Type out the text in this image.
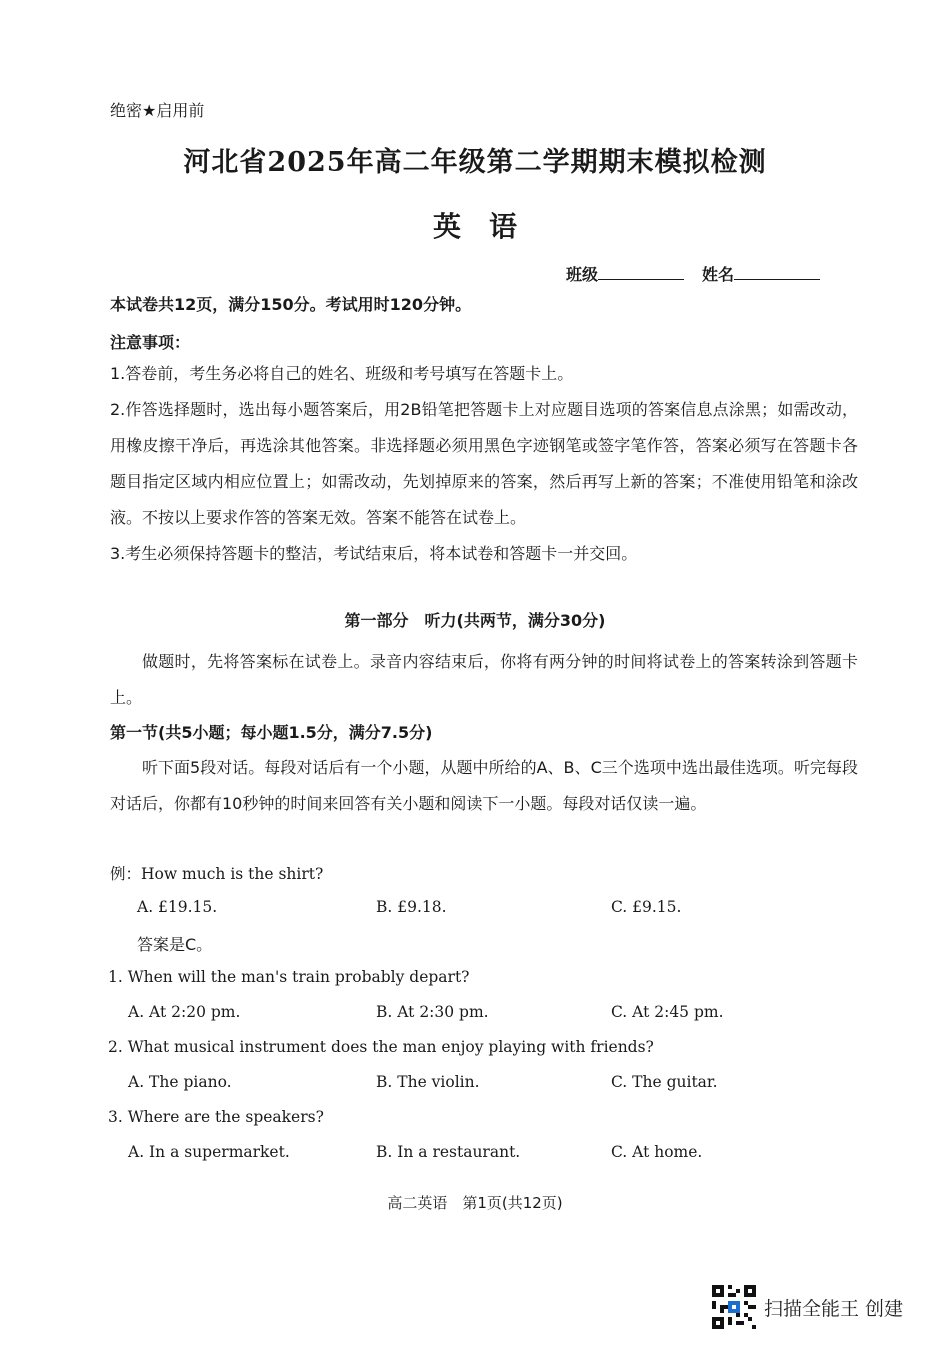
绝密★启用前
河北省2025年高二年级第二学期期末模拟检测
英 语
班级	姓名
本试卷共12页，满分150分。考试用时120分钟。
注意事项：
1.答卷前，考生务必将自己的姓名、班级和考号填写在答题卡上。
2.作答选择题时，选出每小题答案后，用2B铅笔把答题卡上对应题目选项的答案信息点涂黑；如需改动，用橡皮擦干净后，再选涂其他答案。非选择题必须用黑色字迹钢笔或签字笔作答，答案必须写在答题卡各题目指定区域内相应位置上；如需改动，先划掉原来的答案，然后再写上新的答案；不准使用铅笔和涂改液。不按以上要求作答的答案无效。答案不能答在试卷上。
3.考生必须保持答题卡的整洁，考试结束后，将本试卷和答题卡一并交回。
第一部分　听力(共两节，满分30分)
做题时，先将答案标在试卷上。录音内容结束后，你将有两分钟的时间将试卷上的答案转涂到答题卡上。
第一节(共5小题；每小题1.5分，满分7.5分)
听下面5段对话。每段对话后有一个小题，从题中所给的A、B、C三个选项中选出最佳选项。听完每段对话后，你都有10秒钟的时间来回答有关小题和阅读下一小题。每段对话仅读一遍。
例：How much is the shirt?
A. £19.15.	B. £9.18.	C. £9.15.
答案是C。
1. When will the man's train probably depart?
A. At 2:20 pm.	B. At 2:30 pm.	C. At 2:45 pm.
2. What musical instrument does the man enjoy playing with friends?
A. The piano.	B. The violin.	C. The guitar.
3. Where are the speakers?
A. In a supermarket.	B. In a restaurant.	C. At home.
高二英语　第1页(共12页)
扫描全能王 创建
